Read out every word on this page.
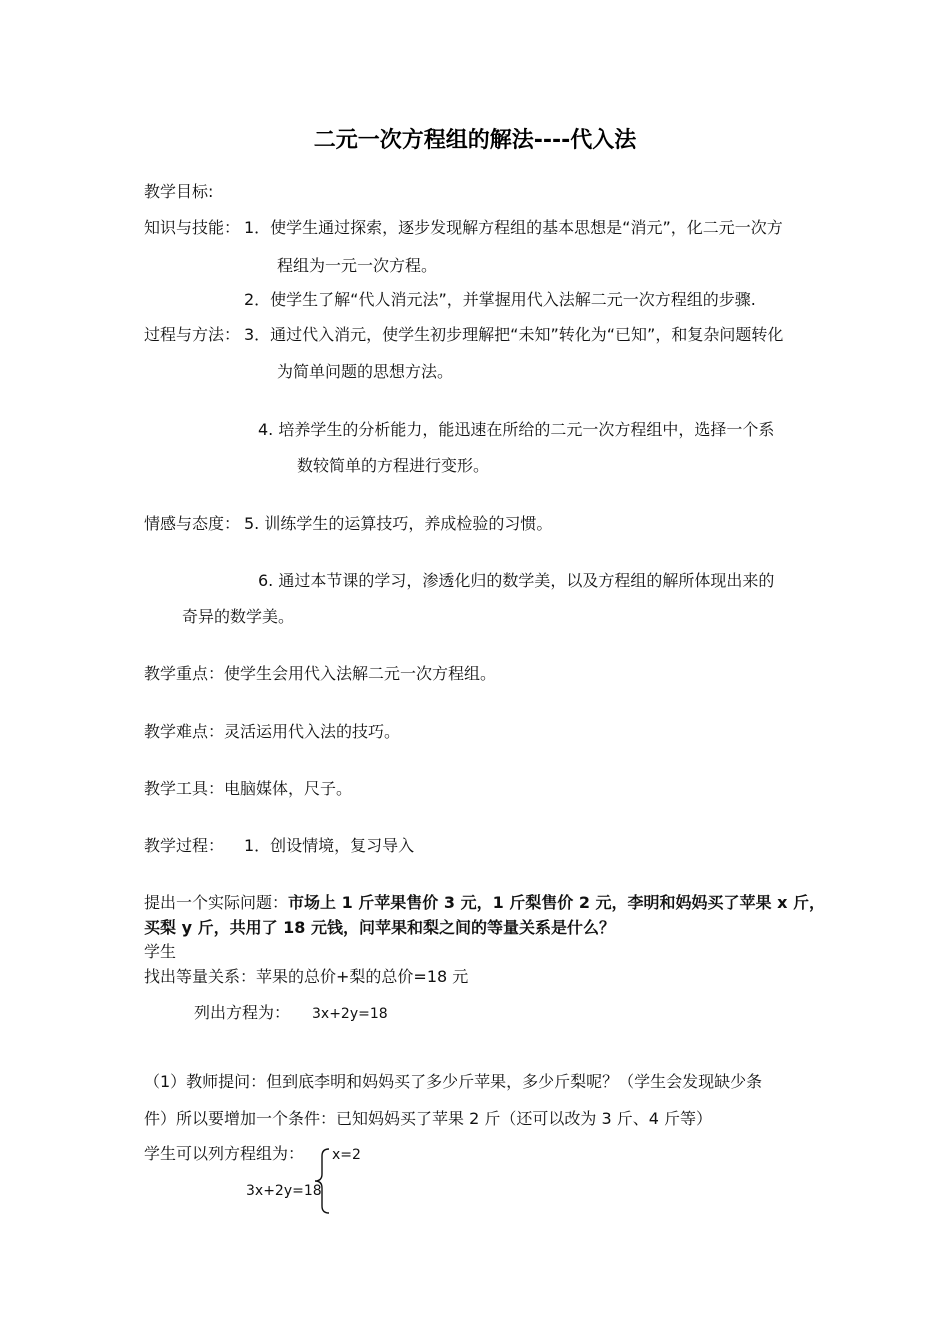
二元一次方程组的解法----代入法
教学目标:
知识与技能： 1．使学生通过探索，逐步发现解方程组的基本思想是“消元”，化二元一次方
程组为一元一次方程。
2．使学生了解“代人消元法”，并掌握用代入法解二元一次方程组的步骤.
过程与方法： 3．通过代入消元，使学生初步理解把“未知”转化为“已知”，和复杂问题转化
为简单问题的思想方法。
4. 培养学生的分析能力，能迅速在所给的二元一次方程组中，选择一个系
数较简单的方程进行变形。
情感与态度： 5. 训练学生的运算技巧，养成检验的习惯。
6. 通过本节课的学习，渗透化归的数学美，以及方程组的解所体现出来的
奇异的数学美。
教学重点：使学生会用代入法解二元一次方程组。
教学难点：灵活运用代入法的技巧。
教学工具：电脑媒体，尺子。
教学过程： 1．创设情境，复习导入
提出一个实际问题：市场上 1 斤苹果售价 3 元，1 斤梨售价 2 元，李明和妈妈买了苹果 x 斤，
买梨 y 斤，共用了 18 元钱，问苹果和梨之间的等量关系是什么？
学生
找出等量关系：苹果的总价+梨的总价=18 元
列出方程为： 3x+2y=18
（1）教师提问：但到底李明和妈妈买了多少斤苹果，多少斤梨呢？（学生会发现缺少条
件）所以要增加一个条件：已知妈妈买了苹果 2 斤（还可以改为 3 斤、4 斤等）
学生可以列方程组为： x=2
3x+2y=18
